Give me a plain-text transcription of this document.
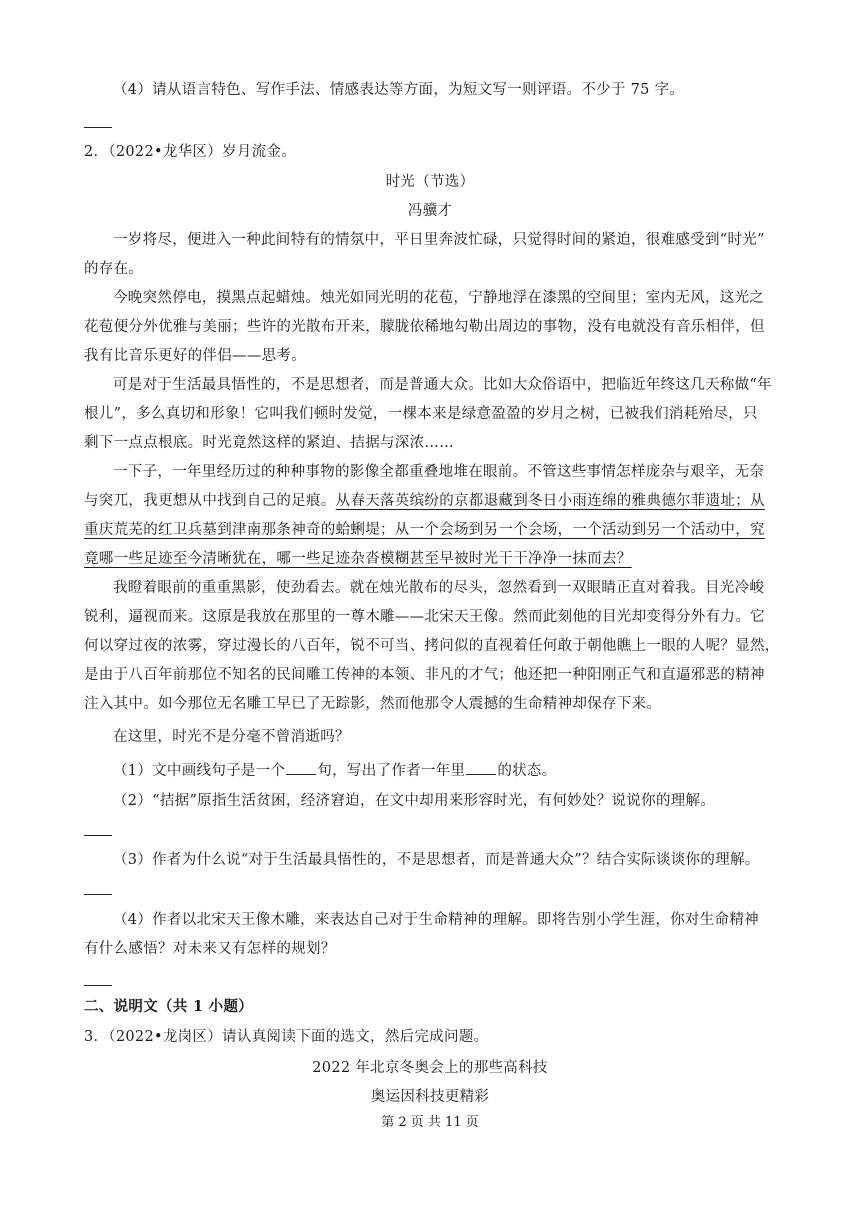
（4）请从语言特色、写作手法、情感表达等方面，为短文写一则评语。不少于 75 字。
2．（2022•龙华区）岁月流金。
时光（节选）
冯骥才
一岁将尽，便进入一种此间特有的情氛中，平日里奔波忙碌，只觉得时间的紧迫，很难感受到“时光”
的存在。
今晚突然停电，摸黑点起蜡烛。烛光如同光明的花苞，宁静地浮在漆黑的空间里；室内无风，这光之
花苞便分外优雅与美丽；些许的光散布开来，朦胧依稀地勾勒出周边的事物，没有电就没有音乐相伴，但
我有比音乐更好的伴侣——思考。
可是对于生活最具悟性的，不是思想者，而是普通大众。比如大众俗语中，把临近年终这几天称做“年
根儿”，多么真切和形象！它叫我们顿时发觉，一棵本来是绿意盈盈的岁月之树，已被我们消耗殆尽，只
剩下一点点根底。时光竟然这样的紧迫、拮据与深浓……
一下子，一年里经历过的种种事物的影像全都重叠地堆在眼前。不管这些事情怎样庞杂与艰辛，无奈
与突兀，我更想从中找到自己的足痕。从春天落英缤纷的京都退藏到冬日小雨连绵的雅典德尔菲遗址；从
重庆荒芜的红卫兵墓到津南那条神奇的蛤蜊堤；从一个会场到另一个会场，一个活动到另一个活动中，究
竟哪一些足迹至今清晰犹在，哪一些足迹杂沓模糊甚至早被时光干干净净一抹而去？
我瞪着眼前的重重黑影，使劲看去。就在烛光散布的尽头，忽然看到一双眼睛正直对着我。目光冷峻
锐利，逼视而来。这原是我放在那里的一尊木雕——北宋天王像。然而此刻他的目光却变得分外有力。它
何以穿过夜的浓雾，穿过漫长的八百年，锐不可当、拷问似的直视着任何敢于朝他瞧上一眼的人呢？显然，
是由于八百年前那位不知名的民间雕工传神的本领、非凡的才气；他还把一种阳刚正气和直逼邪恶的精神
注入其中。如今那位无名雕工早已了无踪影，然而他那令人震撼的生命精神却保存下来。
在这里，时光不是分毫不曾消逝吗？
（1）文中画线句子是一个 句，写出了作者一年里 的状态。
（2）“拮据”原指生活贫困，经济窘迫，在文中却用来形容时光，有何妙处？说说你的理解。
（3）作者为什么说“对于生活最具悟性的，不是思想者，而是普通大众”？结合实际谈谈你的理解。
（4）作者以北宋天王像木雕，来表达自己对于生命精神的理解。即将告别小学生涯，你对生命精神
有什么感悟？对未来又有怎样的规划？
二、说明文（共 1 小题）
3．（2022•龙岗区）请认真阅读下面的选文，然后完成问题。
2022 年北京冬奥会上的那些高科技
奥运因科技更精彩
第 2 页 共 11 页
